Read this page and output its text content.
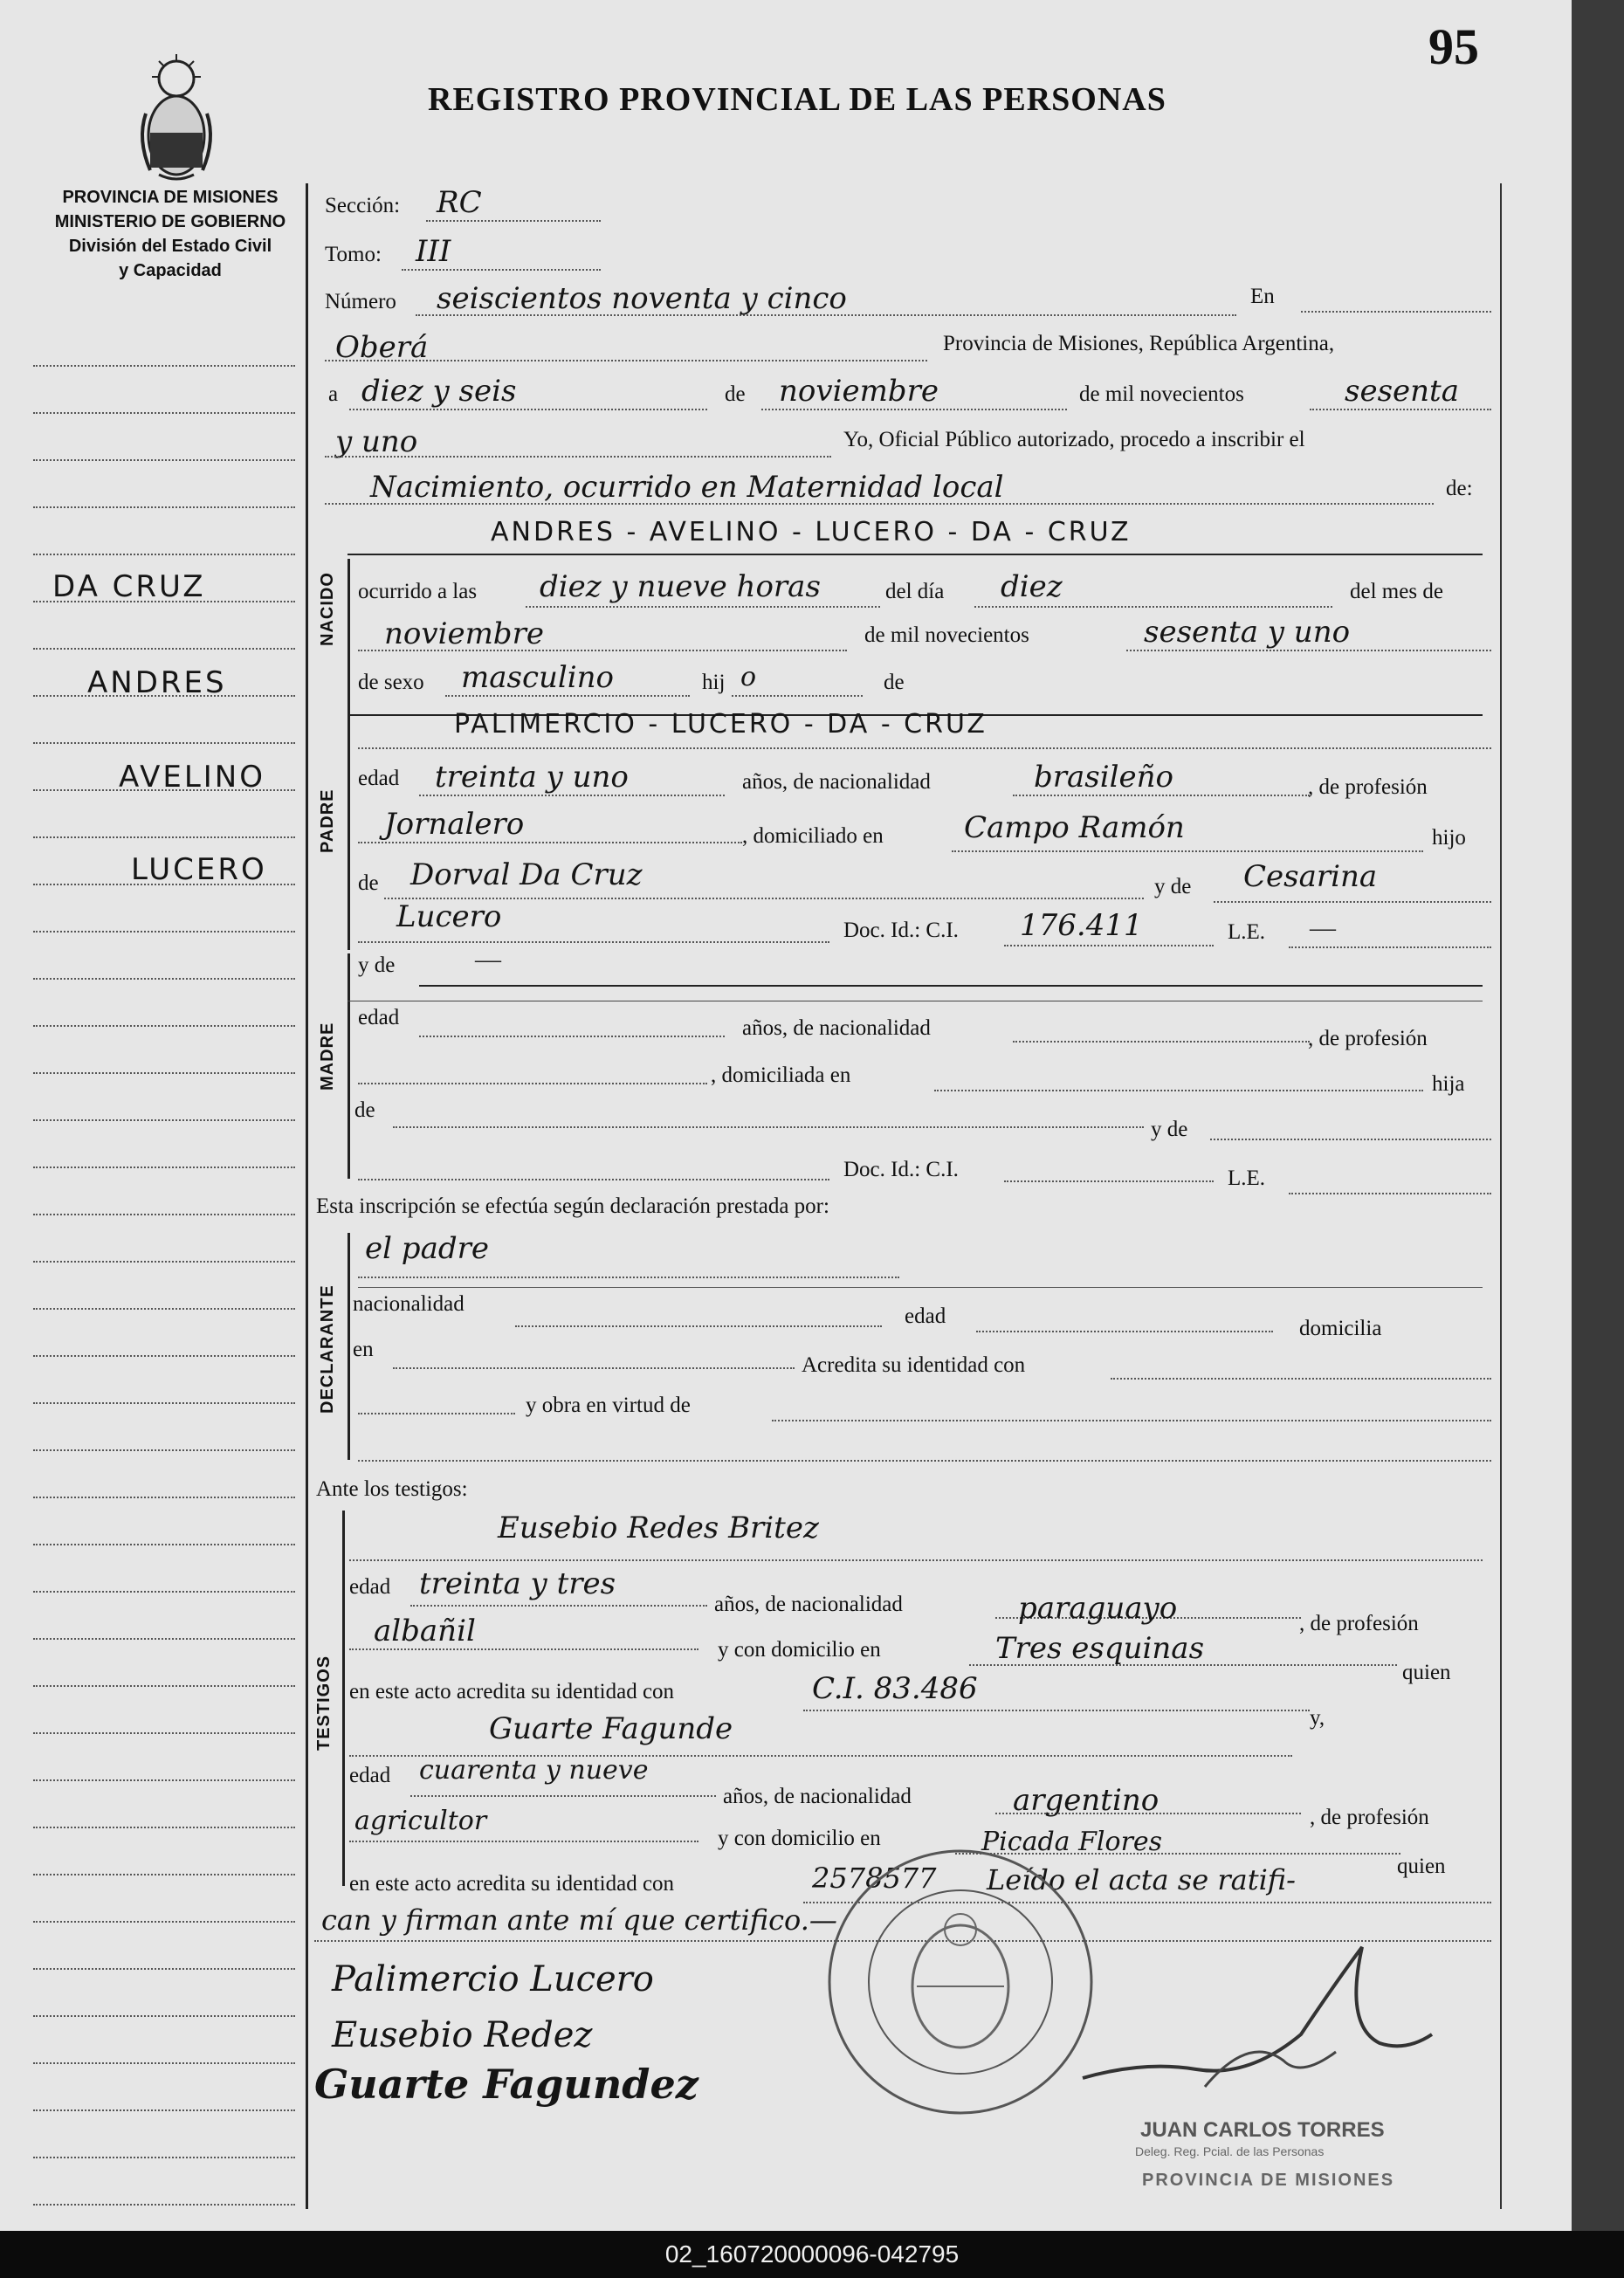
95
REGISTRO PROVINCIAL DE LAS PERSONAS
PROVINCIA DE MISIONES
MINISTERIO DE GOBIERNO
División del Estado Civil
y Capacidad
DA CRUZ
ANDRES
AVELINO
LUCERO
Sección: RC
Tomo: III
Número seiscientos noventa y cinco	En
Oberá	Provincia de Misiones, República Argentina,
a diez y seis	de noviembre	de mil novecientos	sesenta
y uno	Yo, Oficial Público autorizado, procedo a inscribir el
Nacimiento, ocurrido en Maternidad local	de:
ANDRES - AVELINO - LUCERO - DA - CRUZ
NACIDO ocurrido a las diez y nueve horas	del día diez	del mes de
noviembre	de mil novecientos	sesenta y uno
de sexo masculino	hij o	de
PADRE
PALIMERCIO - LUCERO - DA - CRUZ
edad treinta y uno	años, de nacionalidad	brasileño	, de profesión
Jornalero	, domiciliado en	Campo Ramón	hijo
de Dorval Da Cruz	y de Cesarina
Lucero	Doc. Id.: C.I. 176.411	L.E. —
MADRE
y de	—
edad	años, de nacionalidad	, de profesión
, domiciliada en	hija
de
y de
Doc. Id.: C.I.	L.E.
Esta inscripción se efectúa según declaración prestada por:
DECLARANTE
el padre
nacionalidad
edad
domicilia
en
Acredita su identidad con
y obra en virtud de
Ante los testigos:
TESTIGOS
Eusebio Redes Britez
edad treinta y tres
años, de nacionalidad	paraguayo	, de profesión
albañil
y con domicilio en	Tres esquinas
quien
en este acto acredita su identidad con	C.I. 83.486
Guarte Fagunde	y,
edad cuarenta y nueve
años, de nacionalidad	argentino	, de profesión
agricultor
y con domicilio en	Picada Flores
quien
en este acto acredita su identidad con	2578577 Leído el acta se ratifi-
can y firman ante mí que certifico.—
Palimercio Lucero
Eusebio Redez
Guarte Fagundez
JUAN CARLOS TORRES
Deleg. Reg. Pcial. de las Personas
PROVINCIA DE MISIONES
02_160720000096-042795
